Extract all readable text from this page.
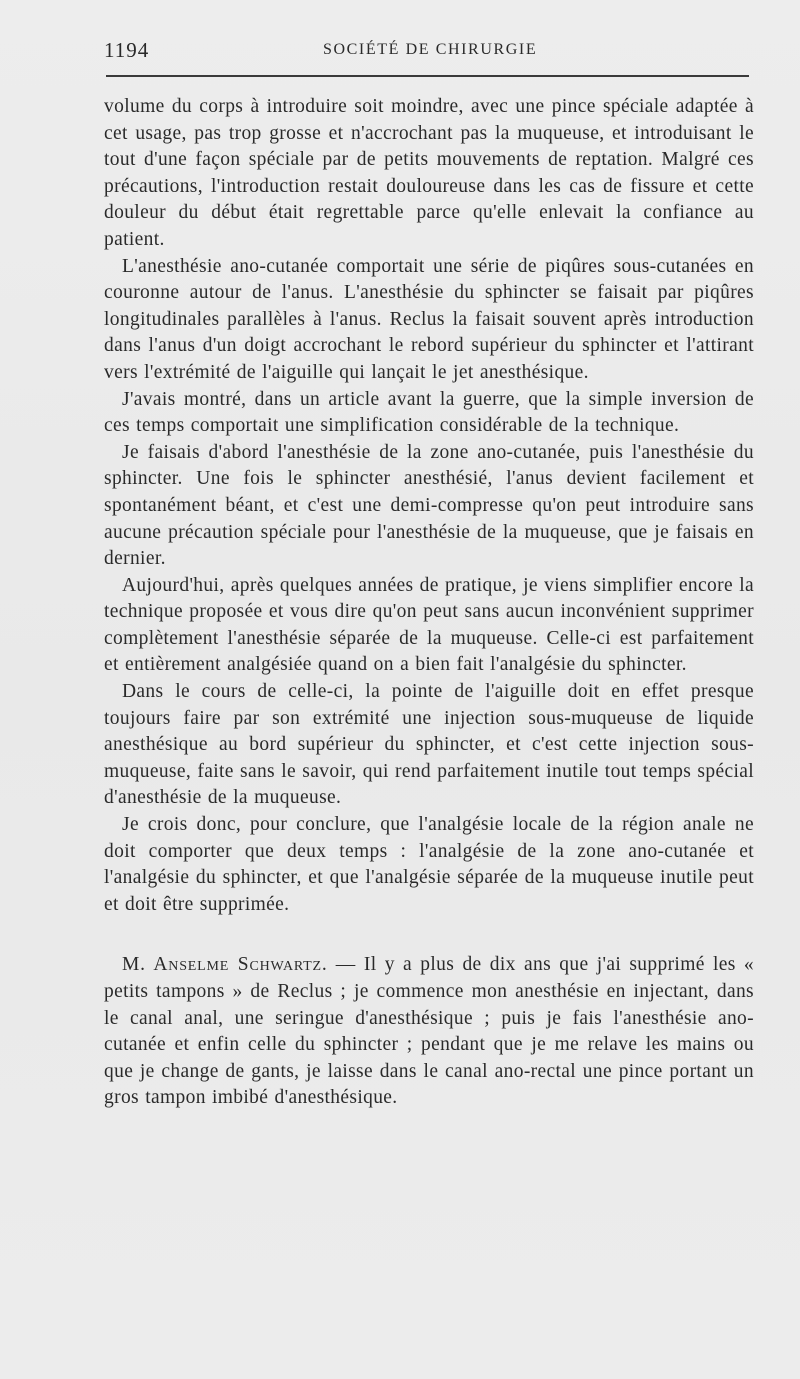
1194	SOCIÉTÉ DE CHIRURGIE

volume du corps à introduire soit moindre, avec une pince spéciale adaptée à cet usage, pas trop grosse et n'accrochant pas la muqueuse, et introduisant le tout d'une façon spéciale par de petits mouvements de reptation. Malgré ces précautions, l'introduction restait douloureuse dans les cas de fissure et cette douleur du début était regrettable parce qu'elle enlevait la confiance au patient.

L'anesthésie ano-cutanée comportait une série de piqûres sous-cutanées en couronne autour de l'anus. L'anesthésie du sphincter se faisait par piqûres longitudinales parallèles à l'anus. Reclus la faisait souvent après introduction dans l'anus d'un doigt accrochant le rebord supérieur du sphincter et l'attirant vers l'extrémité de l'aiguille qui lançait le jet anesthésique.

J'avais montré, dans un article avant la guerre, que la simple inversion de ces temps comportait une simplification considérable de la technique.

Je faisais d'abord l'anesthésie de la zone ano-cutanée, puis l'anesthésie du sphincter. Une fois le sphincter anesthésié, l'anus devient facilement et spontanément béant, et c'est une demi-compresse qu'on peut introduire sans aucune précaution spéciale pour l'anesthésie de la muqueuse, que je faisais en dernier.

Aujourd'hui, après quelques années de pratique, je viens simplifier encore la technique proposée et vous dire qu'on peut sans aucun inconvénient supprimer complètement l'anesthésie séparée de la muqueuse. Celle-ci est parfaitement et entièrement analgésiée quand on a bien fait l'analgésie du sphincter.

Dans le cours de celle-ci, la pointe de l'aiguille doit en effet presque toujours faire par son extrémité une injection sous-muqueuse de liquide anesthésique au bord supérieur du sphincter, et c'est cette injection sous-muqueuse, faite sans le savoir, qui rend parfaitement inutile tout temps spécial d'anesthésie de la muqueuse.

Je crois donc, pour conclure, que l'analgésie locale de la région anale ne doit comporter que deux temps : l'analgésie de la zone ano-cutanée et l'analgésie du sphincter, et que l'analgésie séparée de la muqueuse inutile peut et doit être supprimée.

M. Anselme Schwartz. — Il y a plus de dix ans que j'ai supprimé les « petits tampons » de Reclus ; je commence mon anesthésie en injectant, dans le canal anal, une seringue d'anesthésique ; puis je fais l'anesthésie ano-cutanée et enfin celle du sphincter ; pendant que je me relave les mains ou que je change de gants, je laisse dans le canal ano-rectal une pince portant un gros tampon imbibé d'anesthésique.
